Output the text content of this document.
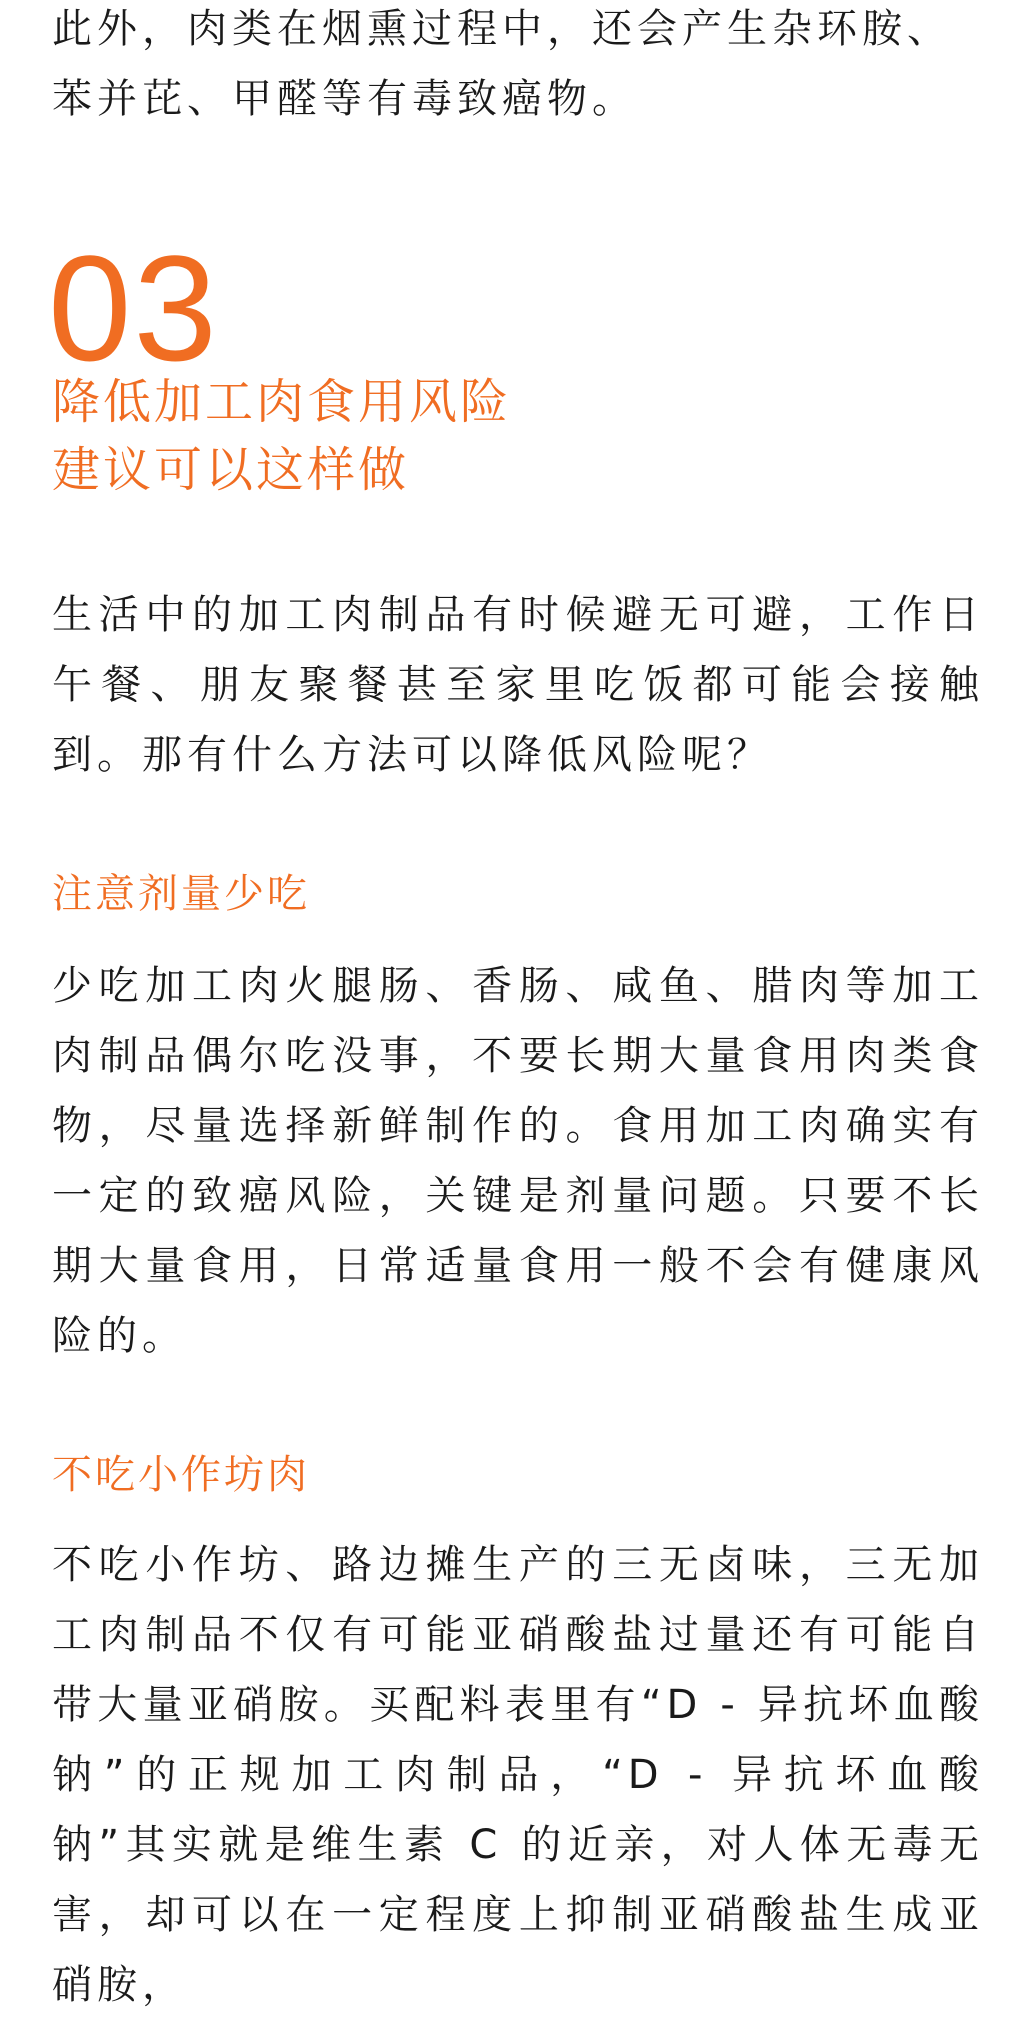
此外，肉类在烟熏过程中，还会产生杂环胺、
苯并芘、甲醛等有毒致癌物。

03

降低加工肉食用风险

建议可以这样做

生活中的加工肉制品有时候避无可避，工作日午餐、朋友聚餐甚至家里吃饭都可能会接触到。那有什么方法可以降低风险呢？

注意剂量少吃

少吃加工肉火腿肠、香肠、咸鱼、腊肉等加工肉制品偶尔吃没事，不要长期大量食用肉类食物，尽量选择新鲜制作的。食用加工肉确实有一定的致癌风险，关键是剂量问题。只要不长期大量食用，日常适量食用一般不会有健康风险的。

不吃小作坊肉

不吃小作坊、路边摊生产的三无卤味，三无加工肉制品不仅有可能亚硝酸盐过量还有可能自带大量亚硝胺。买配料表里有“D - 异抗坏血酸钠”的正规加工肉制品，“D - 异抗坏血酸钠”其实就是维生素 C 的近亲，对人体无毒无害，却可以在一定程度上抑制亚硝酸盐生成亚硝胺，
